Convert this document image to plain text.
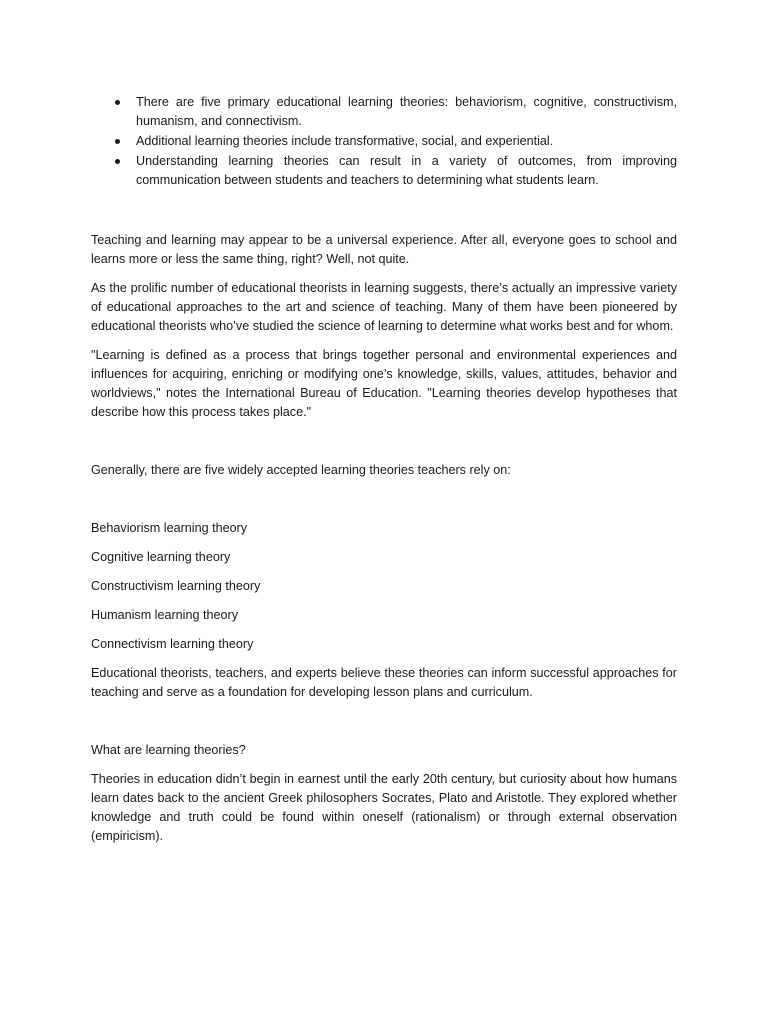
There are five primary educational learning theories: behaviorism, cognitive, constructivism, humanism, and connectivism.
Additional learning theories include transformative, social, and experiential.
Understanding learning theories can result in a variety of outcomes, from improving communication between students and teachers to determining what students learn.

Teaching and learning may appear to be a universal experience. After all, everyone goes to school and learns more or less the same thing, right? Well, not quite.

As the prolific number of educational theorists in learning suggests, there’s actually an impressive variety of educational approaches to the art and science of teaching. Many of them have been pioneered by educational theorists who’ve studied the science of learning to determine what works best and for whom.

"Learning is defined as a process that brings together personal and environmental experiences and influences for acquiring, enriching or modifying one’s knowledge, skills, values, attitudes, behavior and worldviews," notes the International Bureau of Education. "Learning theories develop hypotheses that describe how this process takes place."

Generally, there are five widely accepted learning theories teachers rely on:

Behaviorism learning theory

Cognitive learning theory

Constructivism learning theory

Humanism learning theory

Connectivism learning theory

Educational theorists, teachers, and experts believe these theories can inform successful approaches for teaching and serve as a foundation for developing lesson plans and curriculum.

What are learning theories?

Theories in education didn’t begin in earnest until the early 20th century, but curiosity about how humans learn dates back to the ancient Greek philosophers Socrates, Plato and Aristotle. They explored whether knowledge and truth could be found within oneself (rationalism) or through external observation (empiricism).
